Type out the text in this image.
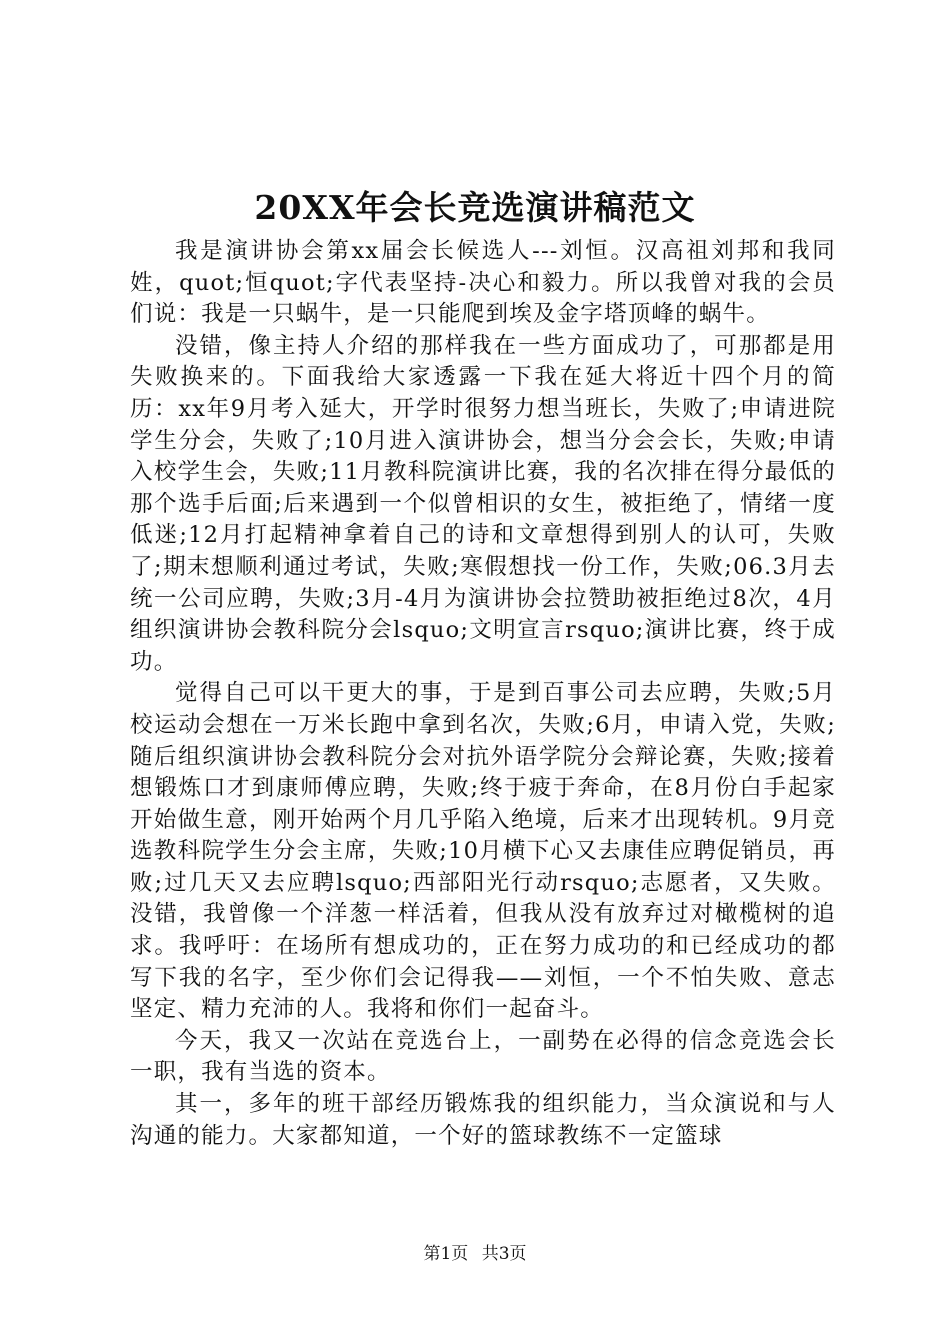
20XX年会长竞选演讲稿范文

我是演讲协会第xx届会长候选人---刘恒。汉高祖刘邦和我同姓，quot;恒quot;字代表坚持-决心和毅力。所以我曾对我的会员们说：我是一只蜗牛，是一只能爬到埃及金字塔顶峰的蜗牛。

没错，像主持人介绍的那样我在一些方面成功了，可那都是用失败换来的。下面我给大家透露一下我在延大将近十四个月的简历：xx年9月考入延大，开学时很努力想当班长，失败了;申请进院学生分会，失败了;10月进入演讲协会，想当分会会长，失败;申请入校学生会，失败;11月教科院演讲比赛，我的名次排在得分最低的那个选手后面;后来遇到一个似曾相识的女生，被拒绝了，情绪一度低迷;12月打起精神拿着自己的诗和文章想得到别人的认可，失败了;期末想顺利通过考试，失败;寒假想找一份工作，失败;06.3月去统一公司应聘，失败;3月-4月为演讲协会拉赞助被拒绝过8次，4月组织演讲协会教科院分会lsquo;文明宣言rsquo;演讲比赛，终于成功。

觉得自己可以干更大的事，于是到百事公司去应聘，失败;5月校运动会想在一万米长跑中拿到名次，失败;6月，申请入党，失败;随后组织演讲协会教科院分会对抗外语学院分会辩论赛，失败;接着想锻炼口才到康师傅应聘，失败;终于疲于奔命，在8月份白手起家开始做生意，刚开始两个月几乎陷入绝境，后来才出现转机。9月竞选教科院学生分会主席，失败;10月横下心又去康佳应聘促销员，再败;过几天又去应聘lsquo;西部阳光行动rsquo;志愿者，又失败。没错，我曾像一个洋葱一样活着，但我从没有放弃过对橄榄树的追求。我呼吁：在场所有想成功的，正在努力成功的和已经成功的都写下我的名字，至少你们会记得我——刘恒，一个不怕失败、意志坚定、精力充沛的人。我将和你们一起奋斗。

今天，我又一次站在竞选台上，一副势在必得的信念竞选会长一职，我有当选的资本。

其一，多年的班干部经历锻炼我的组织能力，当众演说和与人沟通的能力。大家都知道，一个好的篮球教练不一定篮球

第1页 共3页
